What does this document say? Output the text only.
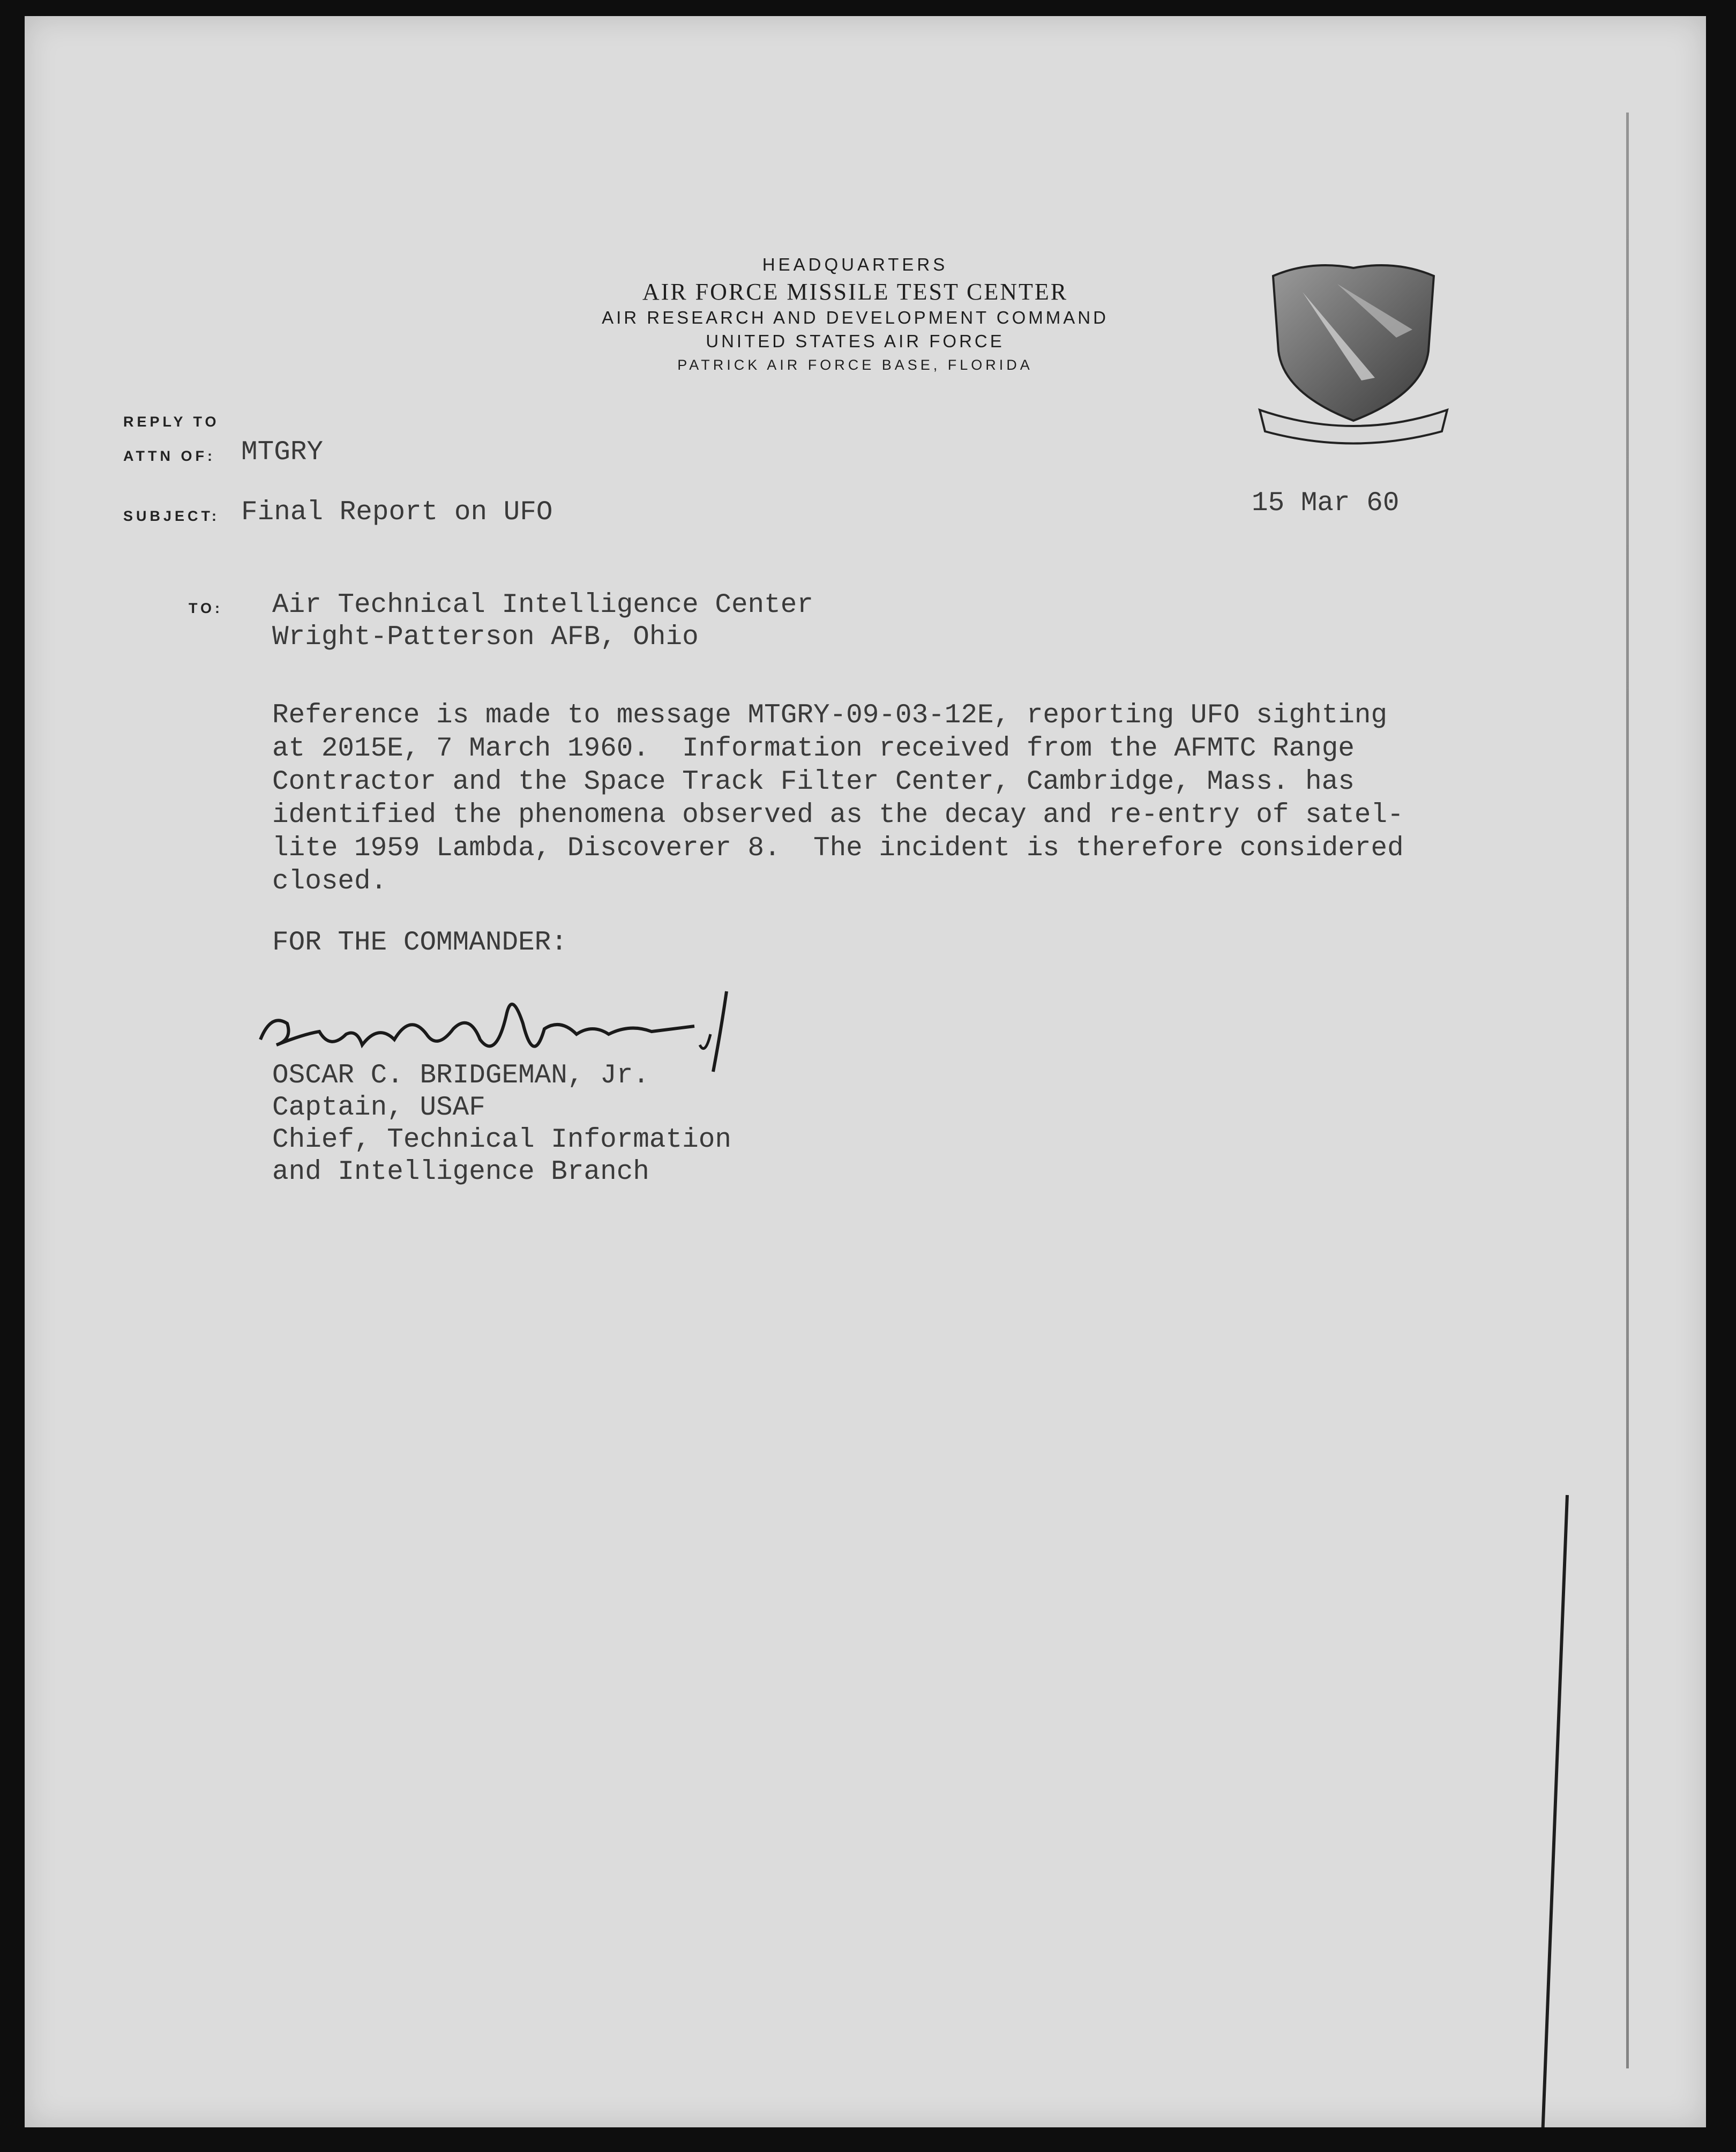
HEADQUARTERS
AIR FORCE MISSILE TEST CENTER
AIR RESEARCH AND DEVELOPMENT COMMAND
UNITED STATES AIR FORCE
PATRICK AIR FORCE BASE, FLORIDA
REPLY TO
ATTN OF: MTGRY
SUBJECT: Final Report on UFO	15 Mar 60
TO: Air Technical Intelligence Center
Wright-Patterson AFB, Ohio
Reference is made to message MTGRY-09-03-12E, reporting UFO sighting
at 2015E, 7 March 1960.  Information received from the AFMTC Range
Contractor and the Space Track Filter Center, Cambridge, Mass. has
identified the phenomena observed as the decay and re-entry of satel-
lite 1959 Lambda, Discoverer 8.  The incident is therefore considered
closed.
FOR THE COMMANDER:
OSCAR C. BRIDGEMAN, Jr.
Captain, USAF
Chief, Technical Information
and Intelligence Branch
